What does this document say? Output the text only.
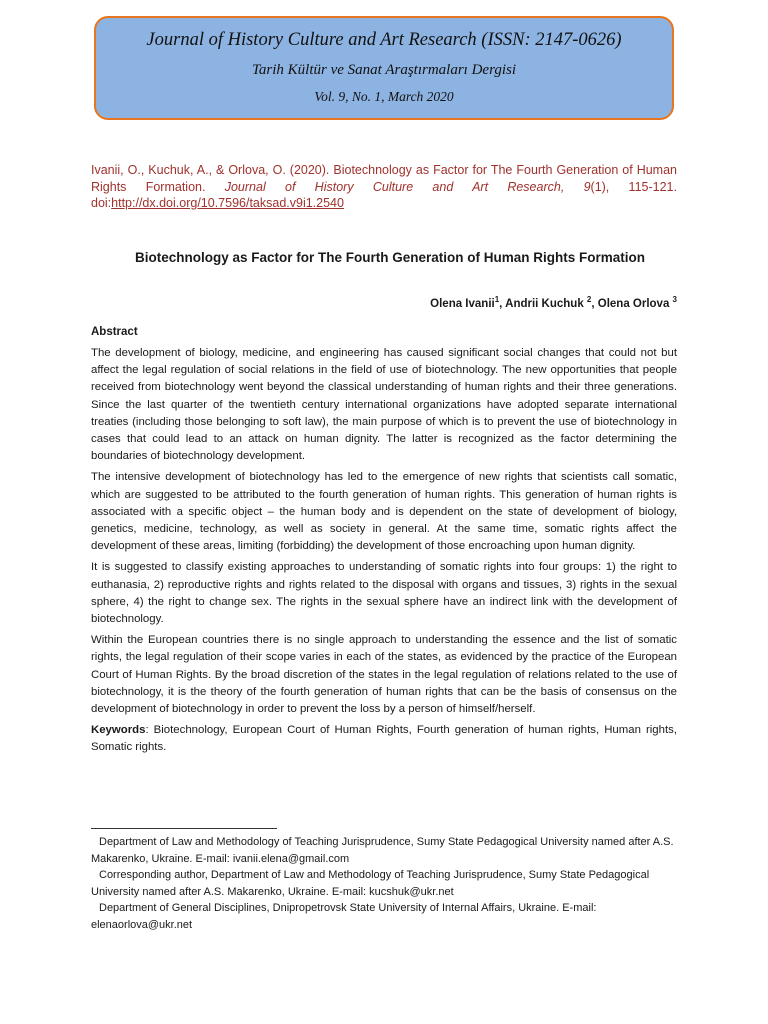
Journal of History Culture and Art Research (ISSN: 2147-0626)
Tarih Kültür ve Sanat Araştırmaları Dergisi
Vol. 9, No. 1, March 2020
Ivanii, O., Kuchuk, A., & Orlova, O. (2020). Biotechnology as Factor for The Fourth Generation of Human Rights Formation. Journal of History Culture and Art Research, 9(1), 115-121. doi:http://dx.doi.org/10.7596/taksad.v9i1.2540
Biotechnology as Factor for The Fourth Generation of Human Rights Formation
Olena Ivanii$^1$, Andrii Kuchuk $^2$, Olena Orlova $^3$
Abstract

The development of biology, medicine, and engineering has caused significant social changes that could not but affect the legal regulation of social relations in the field of use of biotechnology. The new opportunities that people received from biotechnology went beyond the classical understanding of human rights and their three generations. Since the last quarter of the twentieth century international organizations have adopted separate international treaties (including those belonging to soft law), the main purpose of which is to prevent the use of biotechnology in cases that could lead to an attack on human dignity. The latter is recognized as the factor determining the boundaries of biotechnology development.

The intensive development of biotechnology has led to the emergence of new rights that scientists call somatic, which are suggested to be attributed to the fourth generation of human rights. This generation of human rights is associated with a specific object – the human body and is dependent on the state of development of biology, genetics, medicine, technology, as well as society in general. At the same time, somatic rights affect the development of these areas, limiting (forbidding) the development of those encroaching upon human dignity.

It is suggested to classify existing approaches to understanding of somatic rights into four groups: 1) the right to euthanasia, 2) reproductive rights and rights related to the disposal with organs and tissues, 3) rights in the sexual sphere, 4) the right to change sex. The rights in the sexual sphere have an indirect link with the development of biotechnology.

Within the European countries there is no single approach to understanding the essence and the list of somatic rights, the legal regulation of their scope varies in each of the states, as evidenced by the practice of the European Court of Human Rights. By the broad discretion of the states in the legal regulation of relations related to the use of biotechnology, it is the theory of the fourth generation of human rights that can be the basis of consensus on the development of biotechnology in order to prevent the loss by a person of himself/herself.

Keywords: Biotechnology, European Court of Human Rights, Fourth generation of human rights, Human rights, Somatic rights.

Department of Law and Methodology of Teaching Jurisprudence, Sumy State Pedagogical University named after A.S. Makarenko, Ukraine. E-mail: ivanii.elena@gmail.com

Corresponding author, Department of Law and Methodology of Teaching Jurisprudence, Sumy State Pedagogical University named after A.S. Makarenko, Ukraine. E-mail: kucshuk@ukr.net

Department of General Disciplines, Dnipropetrovsk State University of Internal Affairs, Ukraine. E-mail: elenaorlova@ukr.net
